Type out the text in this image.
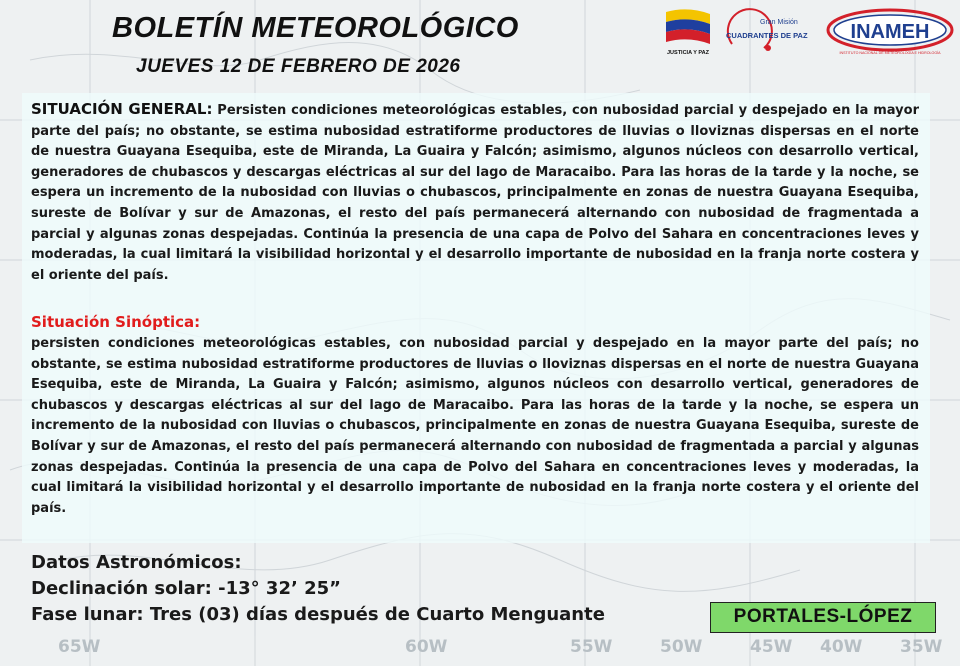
65W	60W	55W	50W	45W 40W 35W
BOLETÍN METEOROLÓGICO
JUEVES 12 DE FEBRERO DE 2026
JUSTICIA Y PAZ
Gran Misión
CUADRANTES DE PAZ INAMEH
INSTITUTO NACIONAL DE METEOROLOGÍA E HIDROLOGÍA
SITUACIÓN GENERAL: Persisten condiciones meteorológicas estables, con nubosidad parcial y despejado en la mayor parte del país; no obstante, se estima nubosidad estratiforme productores de lluvias o lloviznas dispersas en el norte de nuestra Guayana Esequiba, este de Miranda, La Guaira y Falcón; asimismo, algunos núcleos con desarrollo vertical, generadores de chubascos y descargas eléctricas al sur del lago de Maracaibo. Para las horas de la tarde y la noche, se espera un incremento de la nubosidad con lluvias o chubascos, principalmente en zonas de nuestra Guayana Esequiba, sureste de Bolívar y sur de Amazonas, el resto del país permanecerá alternando con nubosidad de fragmentada a parcial y algunas zonas despejadas. Continúa la presencia de una capa de Polvo del Sahara en concentraciones leves y moderadas, la cual limitará la visibilidad horizontal y el desarrollo importante de nubosidad en la franja norte costera y el oriente del país.
Situación Sinóptica:
persisten condiciones meteorológicas estables, con nubosidad parcial y despejado en la mayor parte del país; no obstante, se estima nubosidad estratiforme productores de lluvias o lloviznas dispersas en el norte de nuestra Guayana Esequiba, este de Miranda, La Guaira y Falcón; asimismo, algunos núcleos con desarrollo vertical, generadores de chubascos y descargas eléctricas al sur del lago de Maracaibo. Para las horas de la tarde y la noche, se espera un incremento de la nubosidad con lluvias o chubascos, principalmente en zonas de nuestra Guayana Esequiba, sureste de Bolívar y sur de Amazonas, el resto del país permanecerá alternando con nubosidad de fragmentada a parcial y algunas zonas despejadas. Continúa la presencia de una capa de Polvo del Sahara en concentraciones leves y moderadas, la cual limitará la visibilidad horizontal y el desarrollo importante de nubosidad en la franja norte costera y el oriente del país.
Datos Astronómicos:
Declinación solar: -13° 32’ 25”
Fase lunar: Tres (03) días después de Cuarto Menguante	PORTALES-LÓPEZ
